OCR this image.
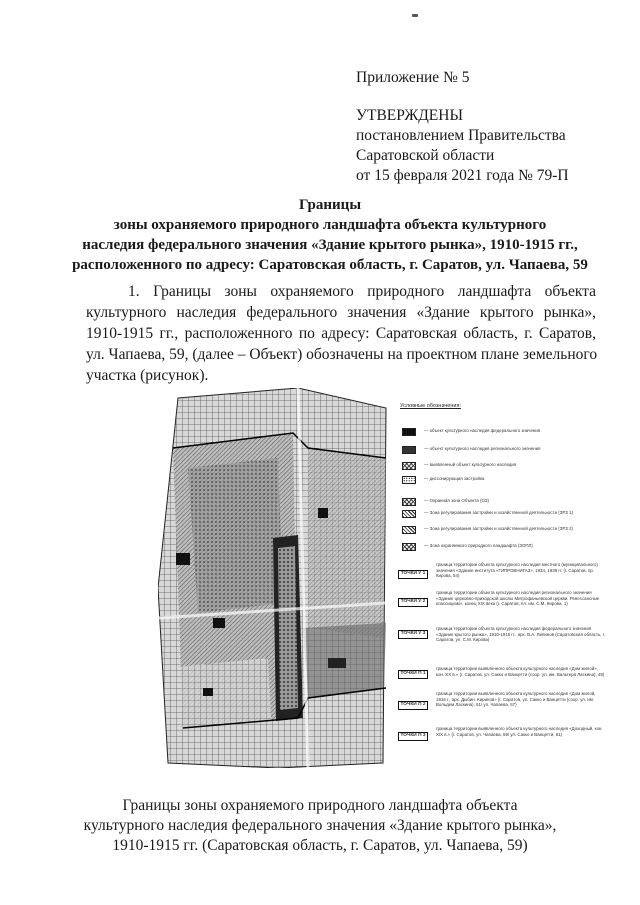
Приложение № 5
УТВЕРЖДЕНЫ
постановлением Правительства
Саратовской области
от 15 февраля 2021 года № 79-П
Границы
зоны охраняемого природного ландшафта объекта культурного
наследия федерального значения «Здание крытого рынка», 1910-1915 гг.,
расположенного по адресу: Саратовская область, г. Саратов, ул. Чапаева, 59
1. Границы зоны охраняемого природного ландшафта объекта
культурного наследия федерального значения «Здание крытого рынка»,
1910-1915 гг., расположенного по адресу: Саратовская область, г. Саратов,
ул. Чапаева, 59, (далее – Объект) обозначены на проектном плане земельного
участка (рисунок).
Условные обозначения:
— объект культурного наследия федерального значения
— объект культурного наследия регионального значения
— выявленный объект культурного наследия
— диссонирующая застройка
— Охранная зона Объекта (ОЗ)
— Зона регулирования застройки и хозяйственной деятельности (ЗРЗ 1)
— Зона регулирования застройки и хозяйственной деятельности (ЗРЗ 2)
— Зона охраняемого природного ландшафта (ЗОПЛ)
ТОЧКИ У 1
граница территории объекта культурного наследия местного (муниципального) значения «Здание института «ГИПРОВНИГАЗ», 1934, 1939 гг. (г. Саратов, пр. Кирова, 54)
ТОЧКИ У 2
граница территории объекта культурного наследия регионального значения «Здание церковно-приходской школы Митрофаньевской церкви. Ренессансные классицизм», конец XIX века (г. Саратов, пл. им. С.М. Кирова, 1)
ТОЧКИ У 3
граница территории объекта культурного наследия федерального значения «Здание крытого рынка», 1910-1915 гг., арх. В.А. Липинов (Саратовская область, г. Саратов, ул. С.М. Кирова)
ТОЧКИ П 1
граница территории выявленного объекта культурного наследия «Дом жилой», кон. XX в.» (г. Саратов, ул. Сакко и Ванцетти (соор. ул. им. Вальтера Ласкина), 49)
ТОЧКИ П 2
граница территории выявленного объекта культурного наследия «Дом жилой, 1916 г., арх. Дыбин. Киринов» (г. Саратов, ул. Сакко и Ванцетти (соор. ул. им. Вольдем Ласкина), 61/ ул. Чапаева, 57)
ТОЧКИ П 3
граница территории выявленного объекта культурного наследия «Доходный, кон. XIX в.» (г. Саратов, ул. Чапаева, 59/ ул. Сакко и Ванцетти, 61)
Границы зоны охраняемого природного ландшафта объекта
культурного наследия федерального значения «Здание крытого рынка»,
1910-1915 гг. (Саратовская область, г. Саратов, ул. Чапаева, 59)
